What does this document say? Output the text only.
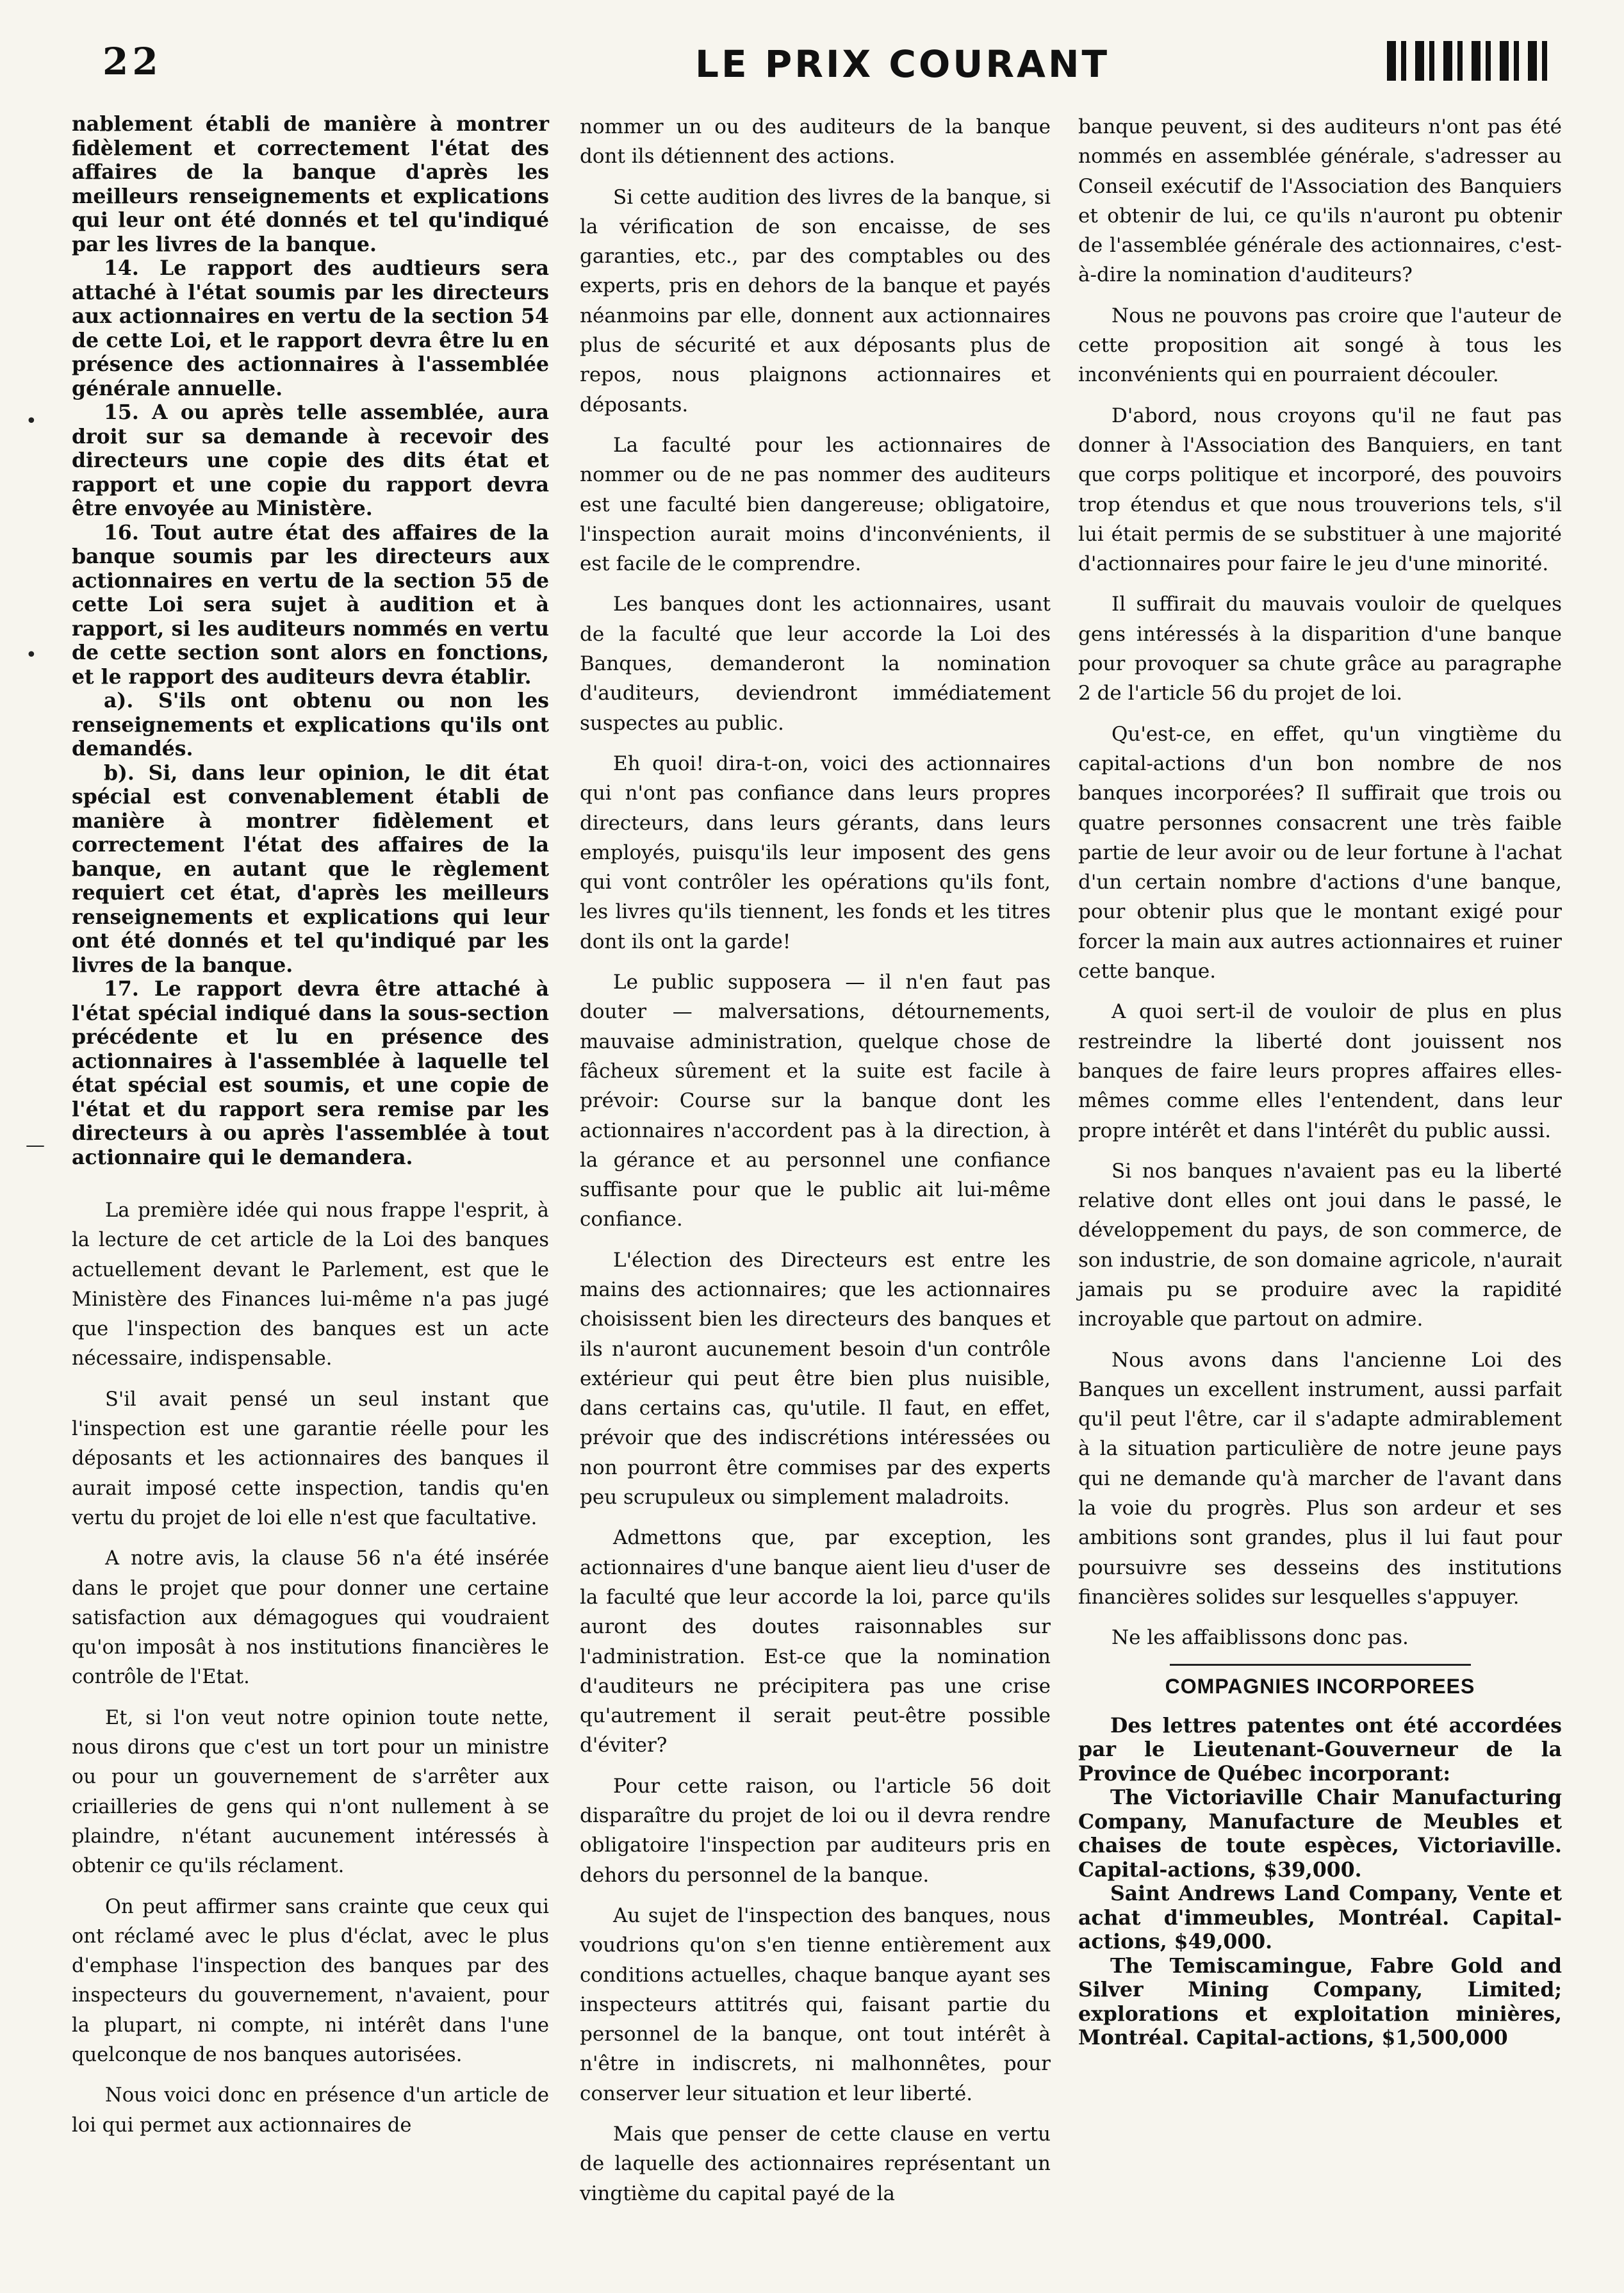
22	LE PRIX COURANT
•
•
—

nablement établi de manière à montrer fidèlement et correctement l'état des affaires de la banque d'après les meilleurs renseignements et explications qui leur ont été donnés et tel qu'indiqué par les livres de la banque.

14. Le rapport des audtieurs sera attaché à l'état soumis par les directeurs aux actionnaires en vertu de la section 54 de cette Loi, et le rapport devra être lu en présence des actionnaires à l'assemblée générale annuelle.

15. A ou après telle assemblée, aura droit sur sa demande à recevoir des directeurs une copie des dits état et rapport et une copie du rapport devra être envoyée au Ministère.

16. Tout autre état des affaires de la banque soumis par les directeurs aux actionnaires en vertu de la section 55 de cette Loi sera sujet à audition et à rapport, si les auditeurs nommés en vertu de cette section sont alors en fonctions, et le rapport des auditeurs devra établir.

a). S'ils ont obtenu ou non les renseignements et explications qu'ils ont demandés.

b). Si, dans leur opinion, le dit état spécial est convenablement établi de manière à montrer fidèlement et correctement l'état des affaires de la banque, en autant que le règlement requiert cet état, d'après les meilleurs renseignements et explications qui leur ont été donnés et tel qu'indiqué par les livres de la banque.

17. Le rapport devra être attaché à l'état spécial indiqué dans la sous-section précédente et lu en présence des actionnaires à l'assemblée à laquelle tel état spécial est soumis, et une copie de l'état et du rapport sera remise par les directeurs à ou après l'assemblée à tout actionnaire qui le demandera.

La première idée qui nous frappe l'esprit, à la lecture de cet article de la Loi des banques actuellement devant le Parlement, est que le Ministère des Finances lui-même n'a pas jugé que l'inspection des banques est un acte nécessaire, indispensable.

S'il avait pensé un seul instant que l'inspection est une garantie réelle pour les déposants et les actionnaires des banques il aurait imposé cette inspection, tandis qu'en vertu du projet de loi elle n'est que facultative.

A notre avis, la clause 56 n'a été insérée dans le projet que pour donner une certaine satisfaction aux démagogues qui voudraient qu'on imposât à nos institutions financières le contrôle de l'Etat.

Et, si l'on veut notre opinion toute nette, nous dirons que c'est un tort pour un ministre ou pour un gouvernement de s'arrêter aux criailleries de gens qui n'ont nullement à se plaindre, n'étant aucunement intéressés à obtenir ce qu'ils réclament.

On peut affirmer sans crainte que ceux qui ont réclamé avec le plus d'éclat, avec le plus d'emphase l'inspection des banques par des inspecteurs du gouvernement, n'avaient, pour la plupart, ni compte, ni intérêt dans l'une quelconque de nos banques autorisées.

Nous voici donc en présence d'un article de loi qui permet aux actionnaires de

nommer un ou des auditeurs de la banque dont ils détiennent des actions.

Si cette audition des livres de la banque, si la vérification de son encaisse, de ses garanties, etc., par des comptables ou des experts, pris en dehors de la banque et payés néanmoins par elle, donnent aux actionnaires plus de sécurité et aux déposants plus de repos, nous plaignons actionnaires et déposants.

La faculté pour les actionnaires de nommer ou de ne pas nommer des auditeurs est une faculté bien dangereuse; obligatoire, l'inspection aurait moins d'inconvénients, il est facile de le comprendre.

Les banques dont les actionnaires, usant de la faculté que leur accorde la Loi des Banques, demanderont la nomination d'auditeurs, deviendront immédiatement suspectes au public.

Eh quoi! dira-t-on, voici des actionnaires qui n'ont pas confiance dans leurs propres directeurs, dans leurs gérants, dans leurs employés, puisqu'ils leur imposent des gens qui vont contrôler les opérations qu'ils font, les livres qu'ils tiennent, les fonds et les titres dont ils ont la garde!

Le public supposera — il n'en faut pas douter — malversations, détournements, mauvaise administration, quelque chose de fâcheux sûrement et la suite est facile à prévoir: Course sur la banque dont les actionnaires n'accordent pas à la direction, à la gérance et au personnel une confiance suffisante pour que le public ait lui-même confiance.

L'élection des Directeurs est entre les mains des actionnaires; que les actionnaires choisissent bien les directeurs des banques et ils n'auront aucunement besoin d'un contrôle extérieur qui peut être bien plus nuisible, dans certains cas, qu'utile. Il faut, en effet, prévoir que des indiscrétions intéressées ou non pourront être commises par des experts peu scrupuleux ou simplement maladroits.

Admettons que, par exception, les actionnaires d'une banque aient lieu d'user de la faculté que leur accorde la loi, parce qu'ils auront des doutes raisonnables sur l'administration. Est-ce que la nomination d'auditeurs ne précipitera pas une crise qu'autrement il serait peut-être possible d'éviter?

Pour cette raison, ou l'article 56 doit disparaître du projet de loi ou il devra rendre obligatoire l'inspection par auditeurs pris en dehors du personnel de la banque.

Au sujet de l'inspection des banques, nous voudrions qu'on s'en tienne entièrement aux conditions actuelles, chaque banque ayant ses inspecteurs attitrés qui, faisant partie du personnel de la banque, ont tout intérêt à n'être in indiscrets, ni malhonnêtes, pour conserver leur situation et leur liberté.

Mais que penser de cette clause en vertu de laquelle des actionnaires représentant un vingtième du capital payé de la

banque peuvent, si des auditeurs n'ont pas été nommés en assemblée générale, s'adresser au Conseil exécutif de l'Association des Banquiers et obtenir de lui, ce qu'ils n'auront pu obtenir de l'assemblée générale des actionnaires, c'est-à-dire la nomination d'auditeurs?

Nous ne pouvons pas croire que l'auteur de cette proposition ait songé à tous les inconvénients qui en pourraient découler.

D'abord, nous croyons qu'il ne faut pas donner à l'Association des Banquiers, en tant que corps politique et incorporé, des pouvoirs trop étendus et que nous trouverions tels, s'il lui était permis de se substituer à une majorité d'actionnaires pour faire le jeu d'une minorité.

Il suffirait du mauvais vouloir de quelques gens intéressés à la disparition d'une banque pour provoquer sa chute grâce au paragraphe 2 de l'article 56 du projet de loi.

Qu'est-ce, en effet, qu'un vingtième du capital-actions d'un bon nombre de nos banques incorporées? Il suffirait que trois ou quatre personnes consacrent une très faible partie de leur avoir ou de leur fortune à l'achat d'un certain nombre d'actions d'une banque, pour obtenir plus que le montant exigé pour forcer la main aux autres actionnaires et ruiner cette banque.

A quoi sert-il de vouloir de plus en plus restreindre la liberté dont jouissent nos banques de faire leurs propres affaires elles-mêmes comme elles l'entendent, dans leur propre intérêt et dans l'intérêt du public aussi.

Si nos banques n'avaient pas eu la liberté relative dont elles ont joui dans le passé, le développement du pays, de son commerce, de son industrie, de son domaine agricole, n'aurait jamais pu se produire avec la rapidité incroyable que partout on admire.

Nous avons dans l'ancienne Loi des Banques un excellent instrument, aussi parfait qu'il peut l'être, car il s'adapte admirablement à la situation particulière de notre jeune pays qui ne demande qu'à marcher de l'avant dans la voie du progrès. Plus son ardeur et ses ambitions sont grandes, plus il lui faut pour poursuivre ses desseins des institutions financières solides sur lesquelles s'appuyer.

Ne les affaiblissons donc pas.

COMPAGNIES INCORPOREES

Des lettres patentes ont été accordées par le Lieutenant-Gouverneur de la Province de Québec incorporant:

The Victoriaville Chair Manufacturing Company, Manufacture de Meubles et chaises de toute espèces, Victoriaville. Capital-actions, $39,000.

Saint Andrews Land Company, Vente et achat d'immeubles, Montréal. Capital-actions, $49,000.

The Temiscamingue, Fabre Gold and Silver Mining Company, Limited; explorations et exploitation minières, Montréal. Capital-actions, $1,500,000
